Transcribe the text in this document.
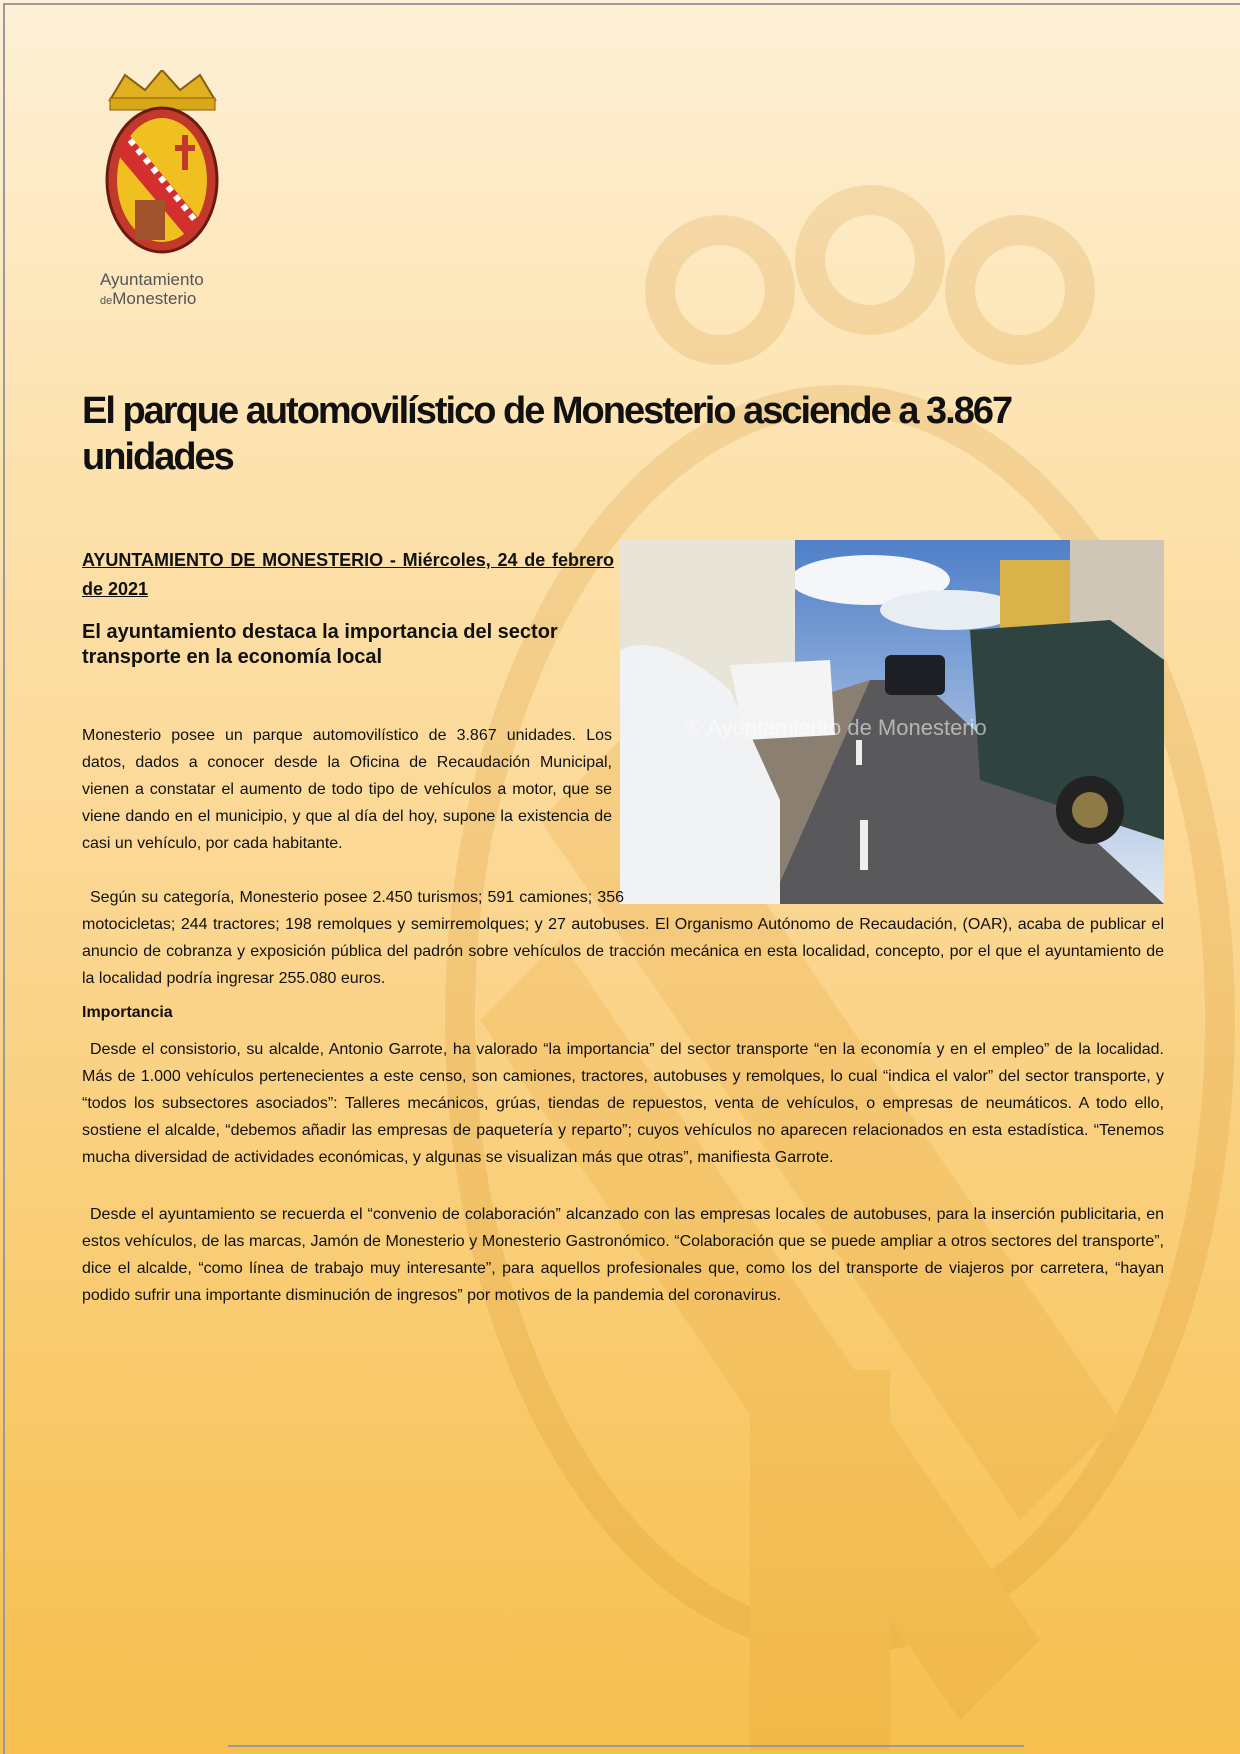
Ayuntamiento
deMonesterio
El parque automovilístico de Monesterio asciende a 3.867 unidades
AYUNTAMIENTO DE MONESTERIO - Miércoles, 24 de febrero de 2021
El ayuntamiento destaca la importancia del sector transporte en la economía local
© Ayuntamiento de Monesterio
Monesterio posee un parque automovilístico de 3.867 unidades. Los datos, dados a conocer desde la Oficina de Recaudación Municipal, vienen a constatar el aumento de todo tipo de vehículos a motor, que se viene dando en el municipio, y que al día del hoy, supone la existencia de casi un vehículo, por cada habitante.
Según su categoría, Monesterio posee 2.450 turismos; 591 camiones; 356 motocicletas; 244 tractores; 198 remolques y semirremolques; y 27 autobuses. El Organismo Autónomo de Recaudación, (OAR), acaba de publicar el anuncio de cobranza y exposición pública del padrón sobre vehículos de tracción mecánica en esta localidad, concepto, por el que el ayuntamiento de la localidad podría ingresar 255.080 euros.
Importancia
Desde el consistorio, su alcalde, Antonio Garrote, ha valorado “la importancia” del sector transporte “en la economía y en el empleo” de la localidad. Más de 1.000 vehículos pertenecientes a este censo, son camiones, tractores, autobuses y remolques, lo cual “indica el valor” del sector transporte, y “todos los subsectores asociados”: Talleres mecánicos, grúas, tiendas de repuestos, venta de vehículos, o empresas de neumáticos. A todo ello, sostiene el alcalde, “debemos añadir las empresas de paquetería y reparto”; cuyos vehículos no aparecen relacionados en esta estadística. “Tenemos mucha diversidad de actividades económicas, y algunas se visualizan más que otras”, manifiesta Garrote.
Desde el ayuntamiento se recuerda el “convenio de colaboración” alcanzado con las empresas locales de autobuses, para la inserción publicitaria, en estos vehículos, de las marcas, Jamón de Monesterio y Monesterio Gastronómico. “Colaboración que se puede ampliar a otros sectores del transporte”, dice el alcalde, “como línea de trabajo muy interesante”, para aquellos profesionales que, como los del transporte de viajeros por carretera, “hayan podido sufrir una importante disminución de ingresos” por motivos de la pandemia del coronavirus.
